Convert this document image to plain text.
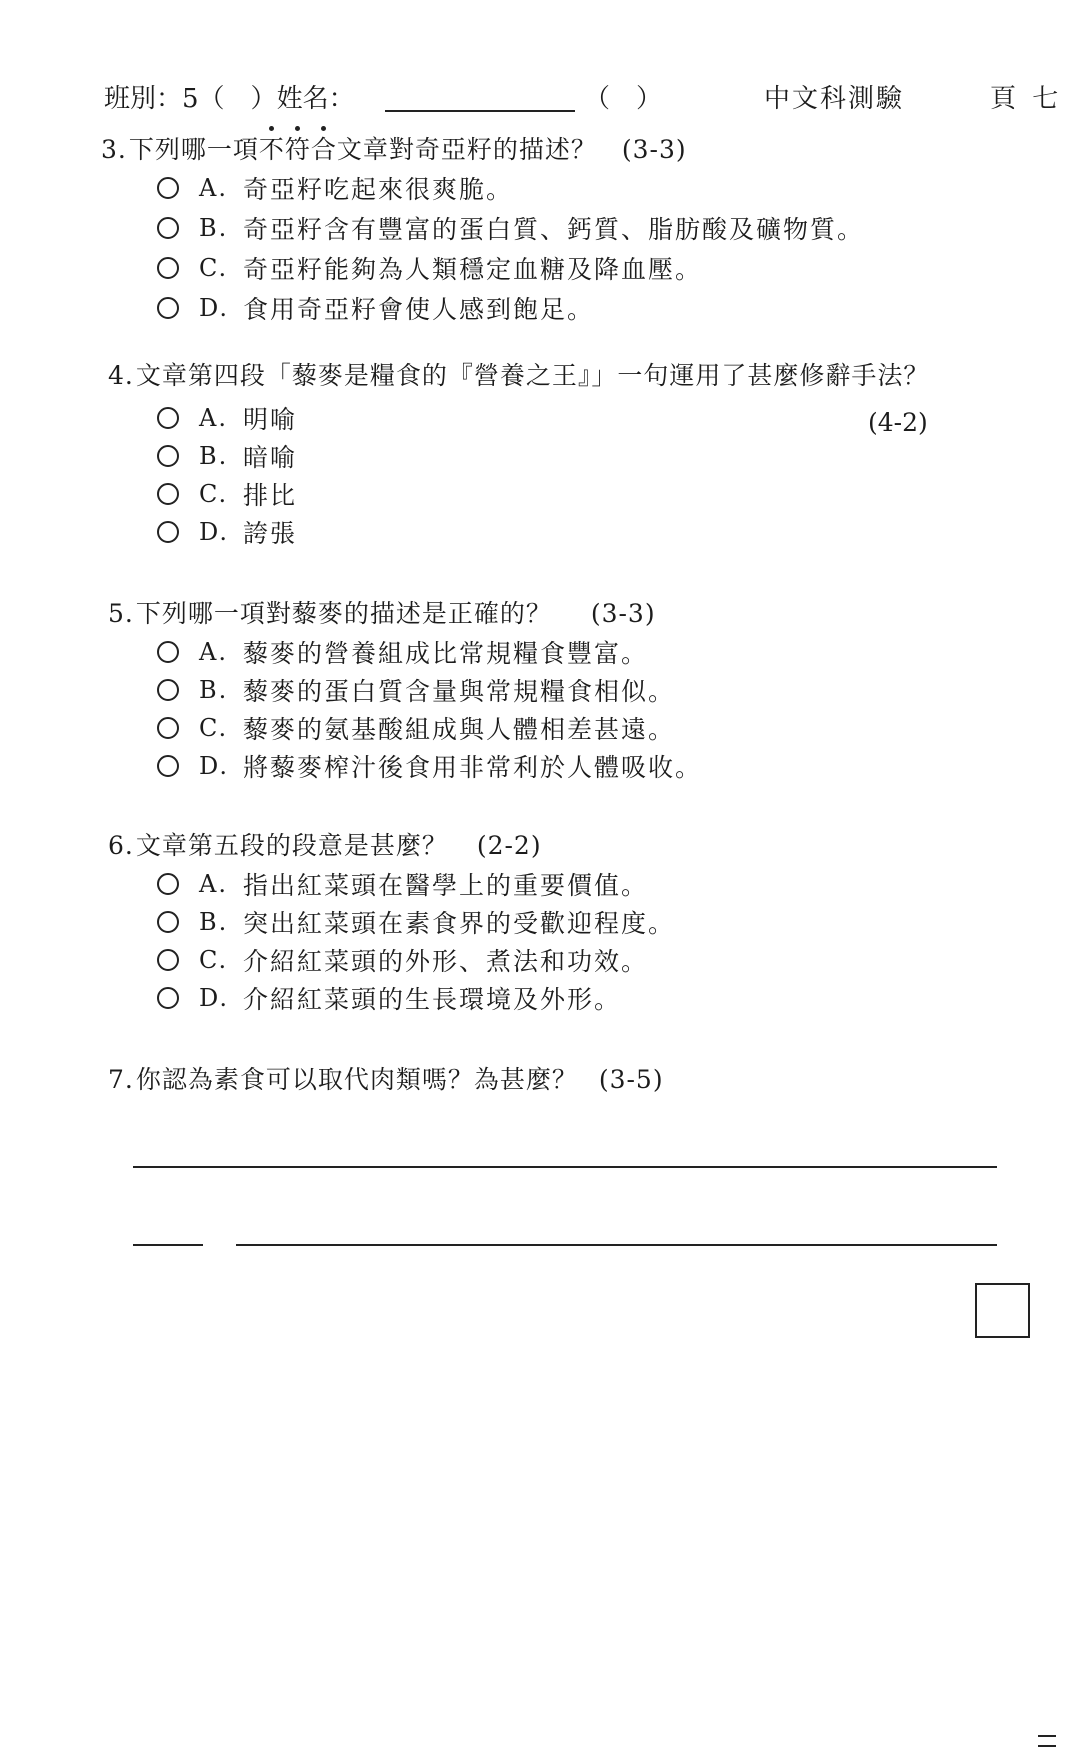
班別：5（ ）姓名：	（　）	中文科測驗	頁 七
3.下列哪一項不符合文章對奇亞籽的描述？ (3-3)
A. 奇亞籽吃起來很爽脆。
B. 奇亞籽含有豐富的蛋白質、鈣質、脂肪酸及礦物質。
C. 奇亞籽能夠為人類穩定血糖及降血壓。
D. 食用奇亞籽會使人感到飽足。
4.文章第四段「藜麥是糧食的『營養之王』」一句運用了甚麼修辭手法？
(4-2)
A. 明喻
B. 暗喻
C. 排比
D. 誇張
5.下列哪一項對藜麥的描述是正確的？ (3-3)
A. 藜麥的營養組成比常規糧食豐富。
B. 藜麥的蛋白質含量與常規糧食相似。
C. 藜麥的氨基酸組成與人體相差甚遠。
D. 將藜麥榨汁後食用非常利於人體吸收。
6.文章第五段的段意是甚麼？ (2-2)
A. 指出紅菜頭在醫學上的重要價值。
B. 突出紅菜頭在素食界的受歡迎程度。
C. 介紹紅菜頭的外形、煮法和功效。
D. 介紹紅菜頭的生長環境及外形。
7.你認為素食可以取代肉類嗎？為甚麼？ (3-5)
